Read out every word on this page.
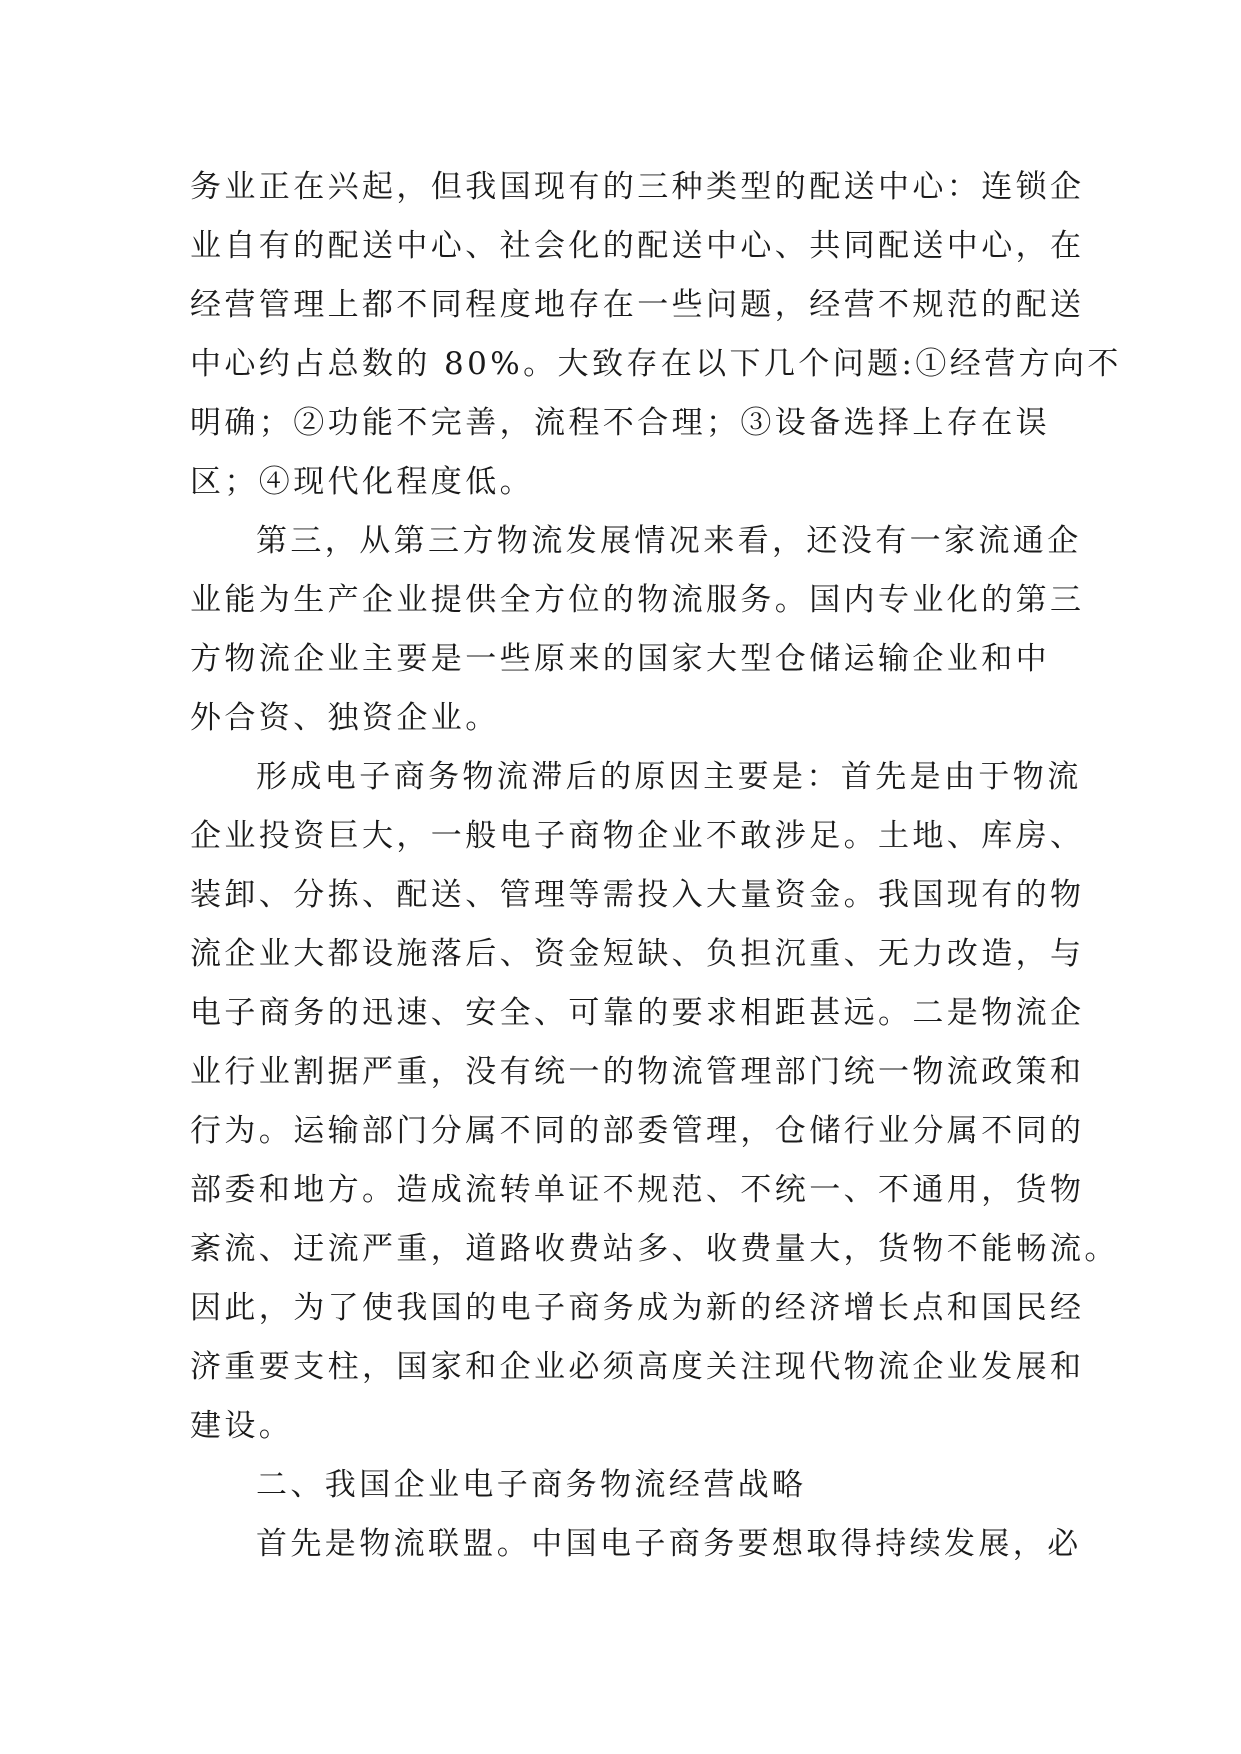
务业正在兴起，但我国现有的三种类型的配送中心：连锁企
业自有的配送中心、社会化的配送中心、共同配送中心，在
经营管理上都不同程度地存在一些问题，经营不规范的配送
中心约占总数的 80%。大致存在以下几个问题:①经营方向不
明确；②功能不完善，流程不合理；③设备选择上存在误
区；④现代化程度低。
第三，从第三方物流发展情况来看，还没有一家流通企
业能为生产企业提供全方位的物流服务。国内专业化的第三
方物流企业主要是一些原来的国家大型仓储运输企业和中
外合资、独资企业。
形成电子商务物流滞后的原因主要是：首先是由于物流
企业投资巨大，一般电子商物企业不敢涉足。土地、库房、
装卸、分拣、配送、管理等需投入大量资金。我国现有的物
流企业大都设施落后、资金短缺、负担沉重、无力改造，与
电子商务的迅速、安全、可靠的要求相距甚远。二是物流企
业行业割据严重，没有统一的物流管理部门统一物流政策和
行为。运输部门分属不同的部委管理，仓储行业分属不同的
部委和地方。造成流转单证不规范、不统一、不通用，货物
紊流、迂流严重，道路收费站多、收费量大，货物不能畅流。
因此，为了使我国的电子商务成为新的经济增长点和国民经
济重要支柱，国家和企业必须高度关注现代物流企业发展和
建设。
二、我国企业电子商务物流经营战略
首先是物流联盟。中国电子商务要想取得持续发展，必
